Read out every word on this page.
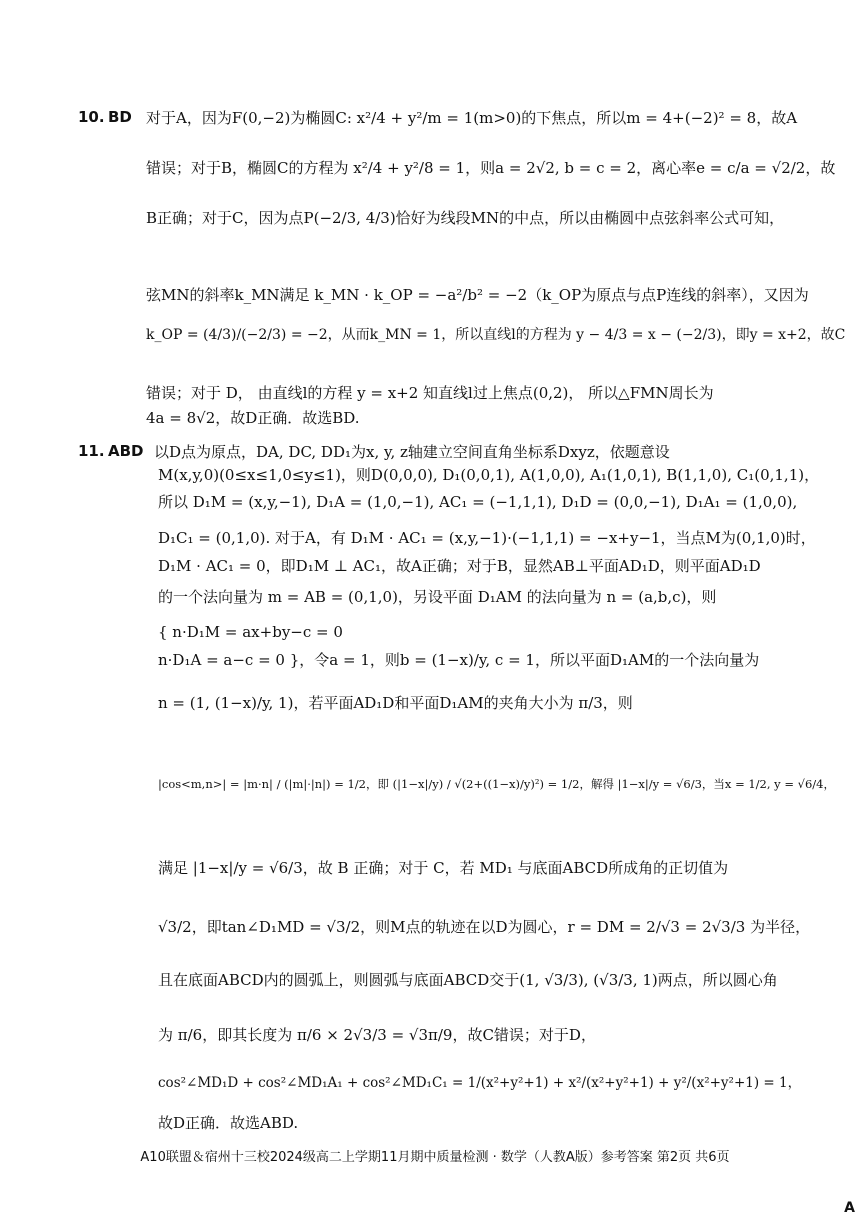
10. BD 对于A，因为F(0,−2)为椭圆C: x²/4 + y²/m = 1(m>0)的下焦点，所以m = 4+(−2)² = 8，故A
错误；对于B，椭圆C的方程为 x²/4 + y²/8 = 1，则a = 2√2, b = c = 2，离心率e = c/a = √2/2，故
B正确；对于C，因为点P(−2/3, 4/3)恰好为线段MN的中点，所以由椭圆中点弦斜率公式可知，
弦MN的斜率k_MN满足 k_MN · k_OP = −a²/b² = −2（k_OP为原点与点P连线的斜率），又因为
k_OP = (4/3)/(−2/3) = −2，从而k_MN = 1，所以直线l的方程为 y − 4/3 = x − (−2/3)，即y = x+2，故C
错误；对于 D， 由直线l的方程 y = x+2 知直线l过上焦点(0,2)， 所以△FMN周长为
4a = 8√2，故D正确．故选BD.
11. ABD 以D点为原点，DA, DC, DD₁为x, y, z轴建立空间直角坐标系Dxyz，依题意设
M(x,y,0)(0≤x≤1,0≤y≤1)，则D(0,0,0), D₁(0,0,1), A(1,0,0), A₁(1,0,1), B(1,1,0), C₁(0,1,1)，
所以 D₁M = (x,y,−1), D₁A = (1,0,−1), AC₁ = (−1,1,1), D₁D = (0,0,−1), D₁A₁ = (1,0,0),
D₁C₁ = (0,1,0). 对于A，有 D₁M · AC₁ = (x,y,−1)·(−1,1,1) = −x+y−1，当点M为(0,1,0)时，
D₁M · AC₁ = 0，即D₁M ⊥ AC₁，故A正确；对于B，显然AB⊥平面AD₁D，则平面AD₁D
的一个法向量为 m = AB = (0,1,0)，另设平面 D₁AM 的法向量为 n = (a,b,c)，则
{ n·D₁M = ax+by−c = 0
n·D₁A = a−c = 0 }，令a = 1，则b = (1−x)/y, c = 1，所以平面D₁AM的一个法向量为
n = (1, (1−x)/y, 1)，若平面AD₁D和平面D₁AM的夹角大小为 π/3，则
|cos<m,n>| = |m·n| / (|m|·|n|) = 1/2，即 (|1−x|/y) / √(2+((1−x)/y)²) = 1/2，解得 |1−x|/y = √6/3，当x = 1/2, y = √6/4，
满足 |1−x|/y = √6/3，故 B 正确；对于 C，若 MD₁ 与底面ABCD所成角的正切值为
√3/2，即tan∠D₁MD = √3/2，则M点的轨迹在以D为圆心，r = DM = 2/√3 = 2√3/3 为半径，
且在底面ABCD内的圆弧上，则圆弧与底面ABCD交于(1, √3/3), (√3/3, 1)两点，所以圆心角
为 π/6，即其长度为 π/6 × 2√3/3 = √3π/9，故C错误；对于D，
cos²∠MD₁D + cos²∠MD₁A₁ + cos²∠MD₁C₁ = 1/(x²+y²+1) + x²/(x²+y²+1) + y²/(x²+y²+1) = 1，
故D正确．故选ABD.
A10联盟＆宿州十三校2024级高二上学期11月期中质量检测 · 数学（人教A版）参考答案 第2页 共6页
A
